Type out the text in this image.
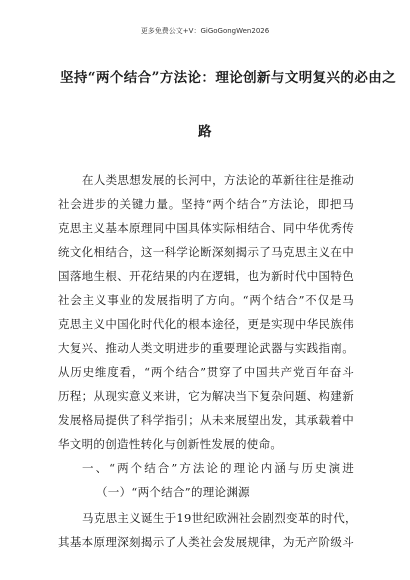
更多免费公文+V：GiGoGongWen2026
坚持“两个结合”方法论：理论创新与文明复兴的必由之
路
在人类思想发展的长河中，方法论的革新往往是推动
社会进步的关键力量。坚持“两个结合”方法论，即把马
克思主义基本原理同中国具体实际相结合、同中华优秀传
统文化相结合，这一科学论断深刻揭示了马克思主义在中
国落地生根、开花结果的内在逻辑，也为新时代中国特色
社会主义事业的发展指明了方向。“两个结合”不仅是马
克思主义中国化时代化的根本途径，更是实现中华民族伟
大复兴、推动人类文明进步的重要理论武器与实践指南。
从历史维度看，“两个结合”贯穿了中国共产党百年奋斗
历程；从现实意义来讲，它为解决当下复杂问题、构建新
发展格局提供了科学指引；从未来展望出发，其承载着中
华文明的创造性转化与创新性发展的使命。
一、“两个结合”方法论的理论内涵与历史演进
（一）“两个结合”的理论渊源
马克思主义诞生于19世纪欧洲社会剧烈变革的时代，
其基本原理深刻揭示了人类社会发展规律，为无产阶级斗
